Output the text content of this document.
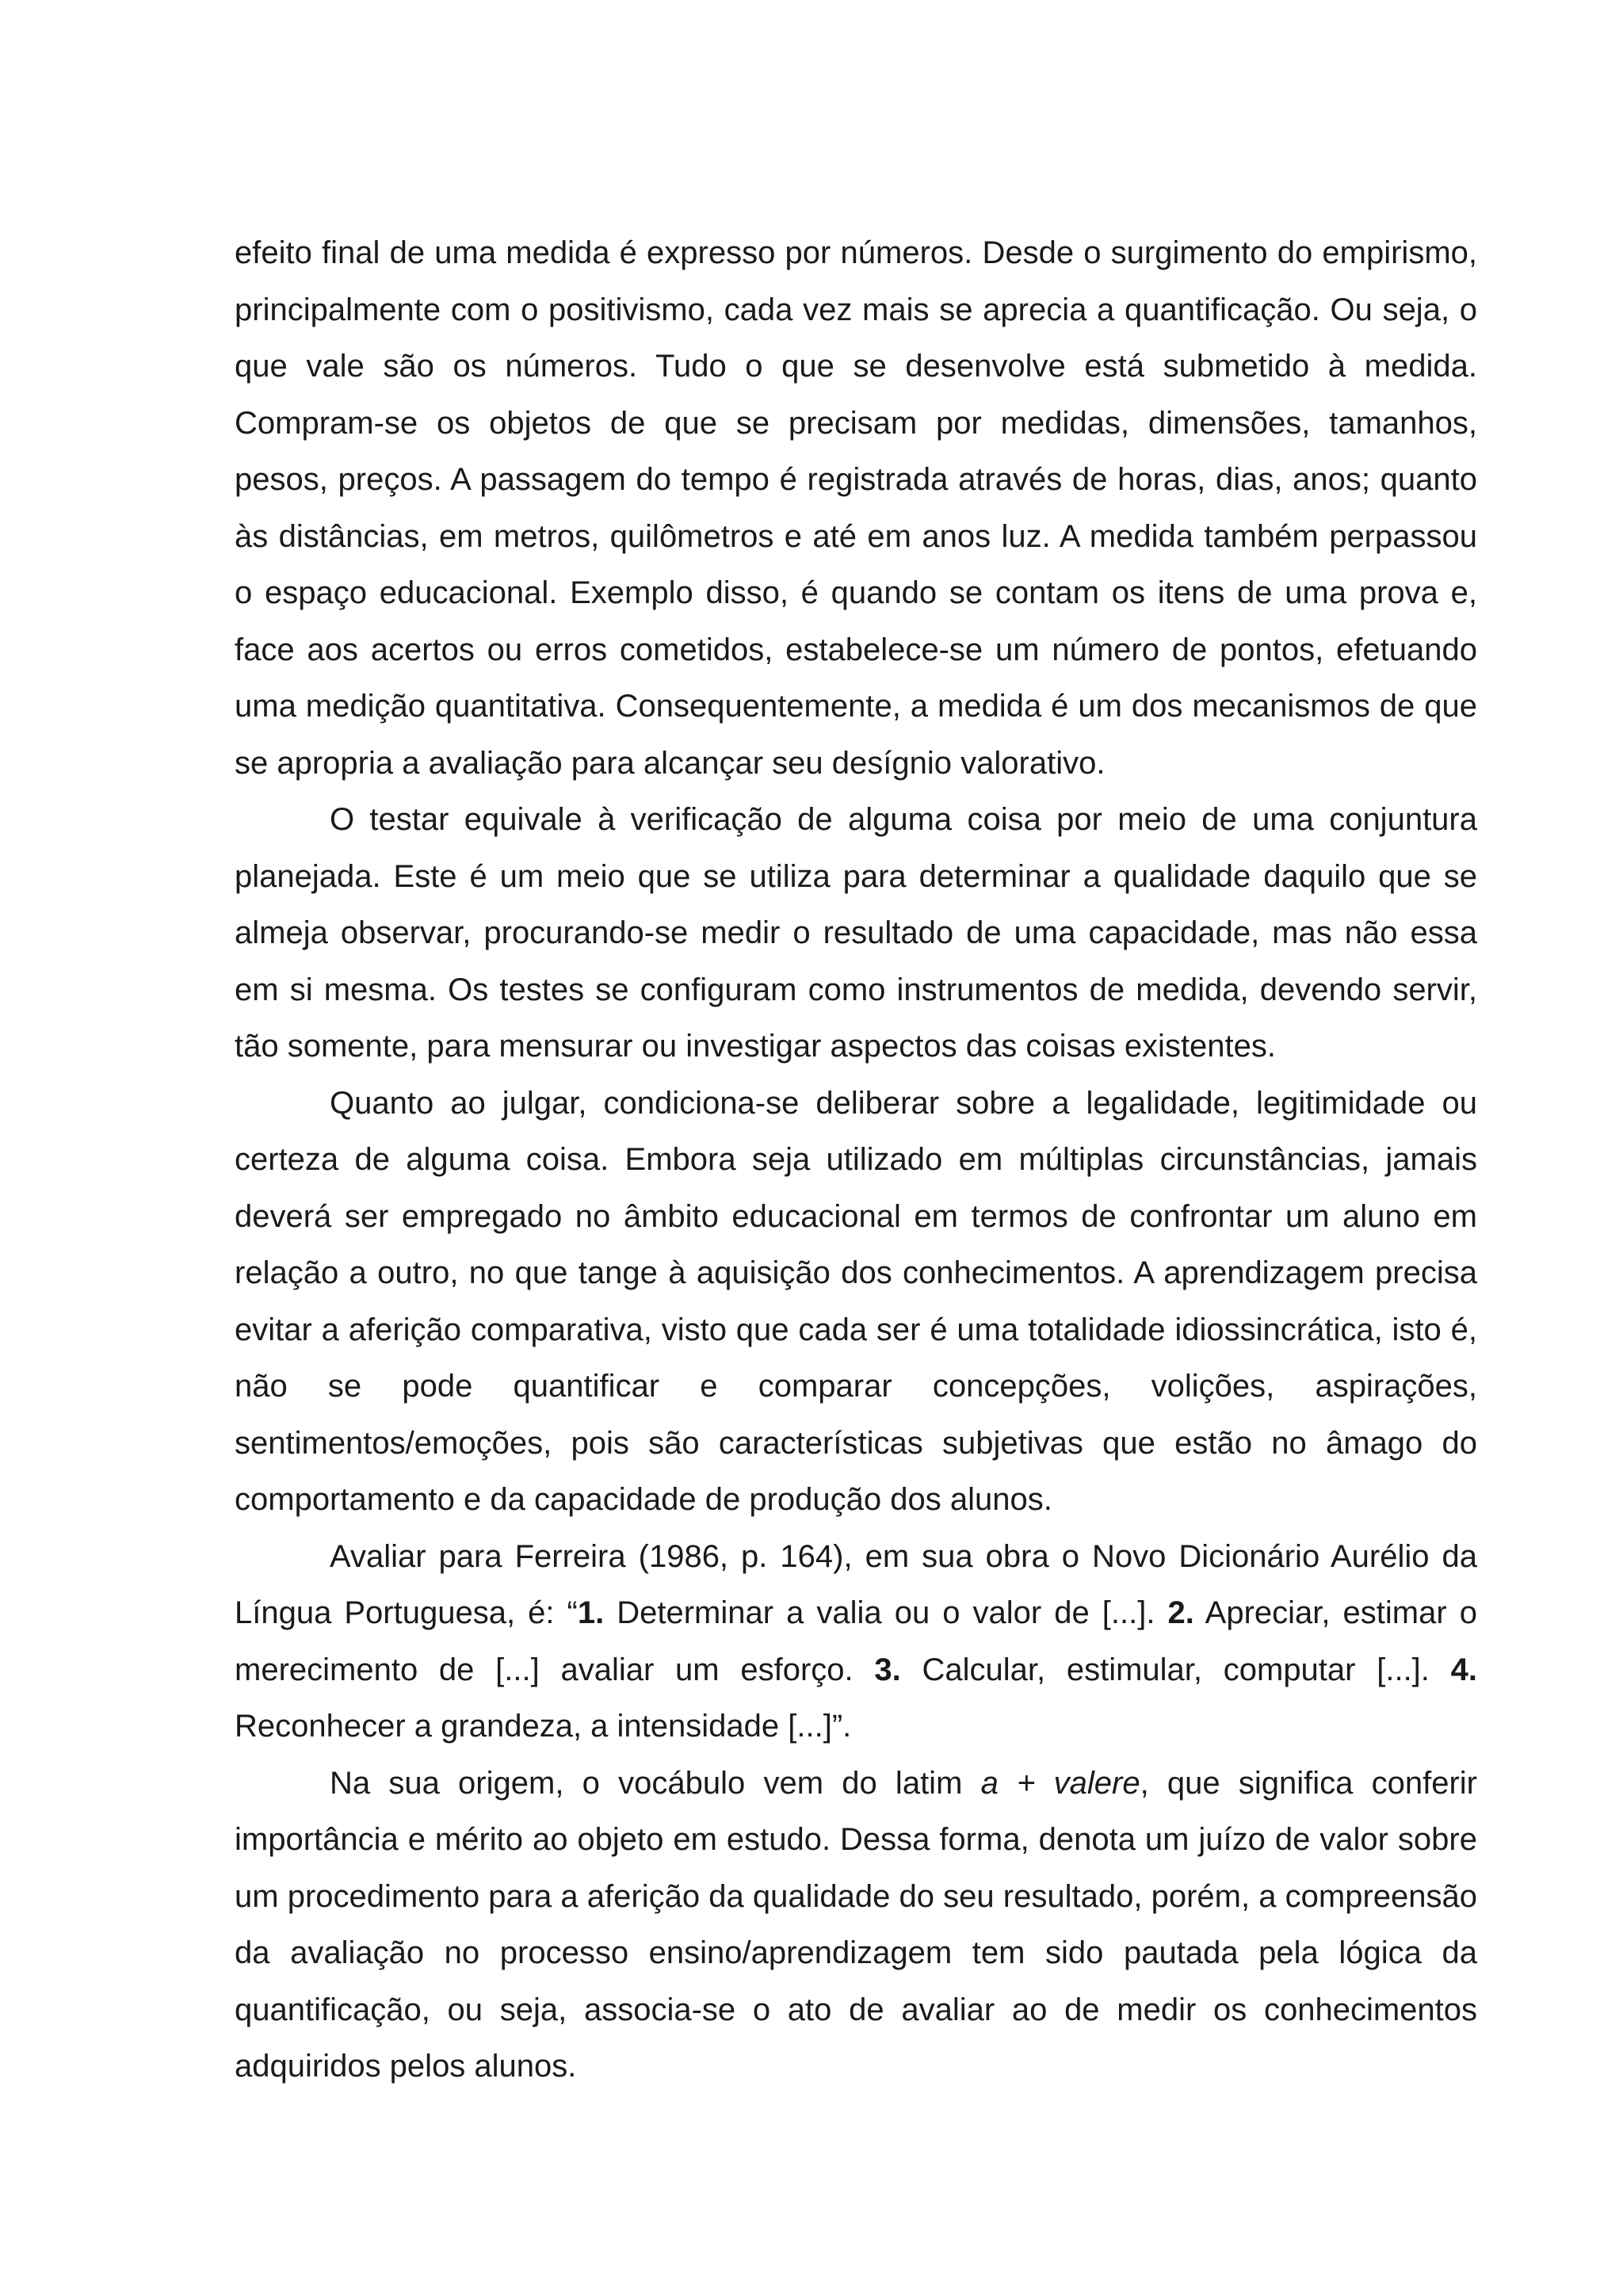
efeito final de uma medida é expresso por números. Desde o surgimento do empirismo, principalmente com o positivismo, cada vez mais se aprecia a quantificação. Ou seja, o que vale são os números. Tudo o que se desenvolve está submetido à medida. Compram-se os objetos de que se precisam por medidas, dimensões, tamanhos, pesos, preços. A passagem do tempo é registrada através de horas, dias, anos; quanto às distâncias, em metros, quilômetros e até em anos luz. A medida também perpassou o espaço educacional. Exemplo disso, é quando se contam os itens de uma prova e, face aos acertos ou erros cometidos, estabelece-se um número de pontos, efetuando uma medição quantitativa. Consequentemente, a medida é um dos mecanismos de que se apropria a avaliação para alcançar seu desígnio valorativo.

O testar equivale à verificação de alguma coisa por meio de uma conjuntura planejada. Este é um meio que se utiliza para determinar a qualidade daquilo que se almeja observar, procurando-se medir o resultado de uma capacidade, mas não essa em si mesma. Os testes se configuram como instrumentos de medida, devendo servir, tão somente, para mensurar ou investigar aspectos das coisas existentes.

Quanto ao julgar, condiciona-se deliberar sobre a legalidade, legitimidade ou certeza de alguma coisa. Embora seja utilizado em múltiplas circunstâncias, jamais deverá ser empregado no âmbito educacional em termos de confrontar um aluno em relação a outro, no que tange à aquisição dos conhecimentos. A aprendizagem precisa evitar a aferição comparativa, visto que cada ser é uma totalidade idiossincrática, isto é, não se pode quantificar e comparar concepções, volições, aspirações, sentimentos/emoções, pois são características subjetivas que estão no âmago do comportamento e da capacidade de produção dos alunos.

Avaliar para Ferreira (1986, p. 164), em sua obra o Novo Dicionário Aurélio da Língua Portuguesa, é: “1. Determinar a valia ou o valor de [...]. 2. Apreciar, estimar o merecimento de [...] avaliar um esforço. 3. Calcular, estimular, computar [...]. 4. Reconhecer a grandeza, a intensidade [...]”.

Na sua origem, o vocábulo vem do latim a + valere, que significa conferir importância e mérito ao objeto em estudo. Dessa forma, denota um juízo de valor sobre um procedimento para a aferição da qualidade do seu resultado, porém, a compreensão da avaliação no processo ensino/aprendizagem tem sido pautada pela lógica da quantificação, ou seja, associa-se o ato de avaliar ao de medir os conhecimentos adquiridos pelos alunos.
